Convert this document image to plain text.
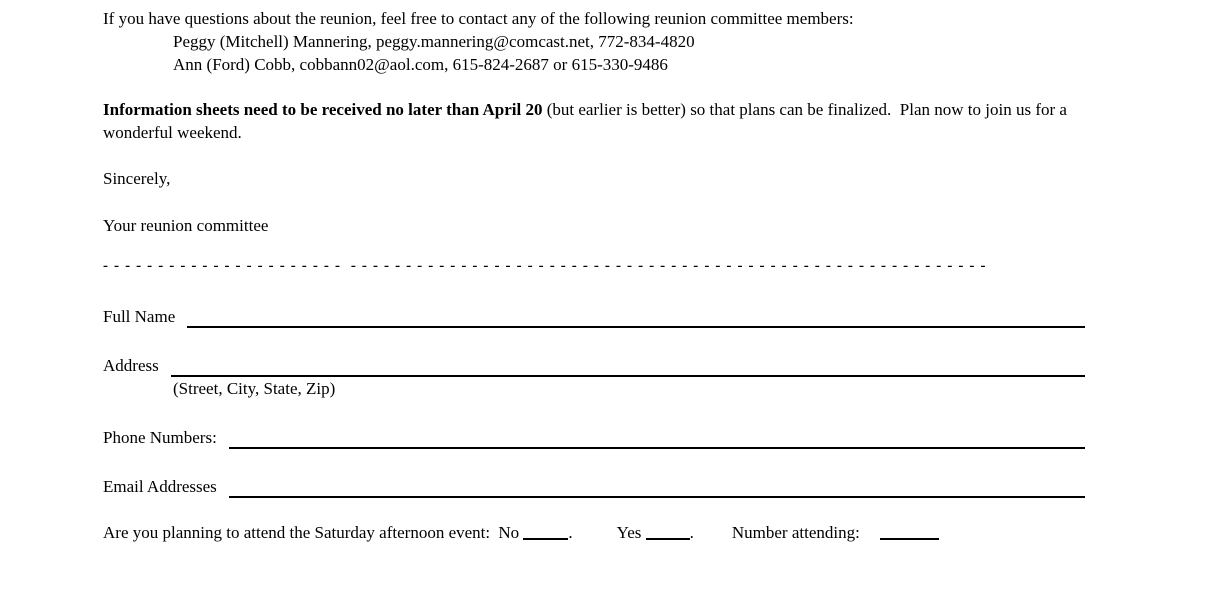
If you have questions about the reunion, feel free to contact any of the following reunion committee members:

Peggy (Mitchell) Mannering, peggy.mannering@comcast.net, 772-834-4820

Ann (Ford) Cobb, cobbann02@aol.com, 615-824-2687 or 615-330-9486

Information sheets need to be received no later than April 20 (but earlier is better) so that plans can be finalized.  Plan now to join us for a wonderful weekend.

Sincerely,

Your reunion committee

- - - - - - - - - - - - - - - - - - - - - -  - - - - - - - - - - - - - - - - - - - - - - - - - - - - - - - - - - - - - - - - - - - - - - - - - - - - - - - - - -
Full Name
Address
(Street, City, State, Zip)
Phone Numbers:
Email Addresses

Are you planning to attend the Saturday afternoon event: No	.	Yes	. Number attending:
